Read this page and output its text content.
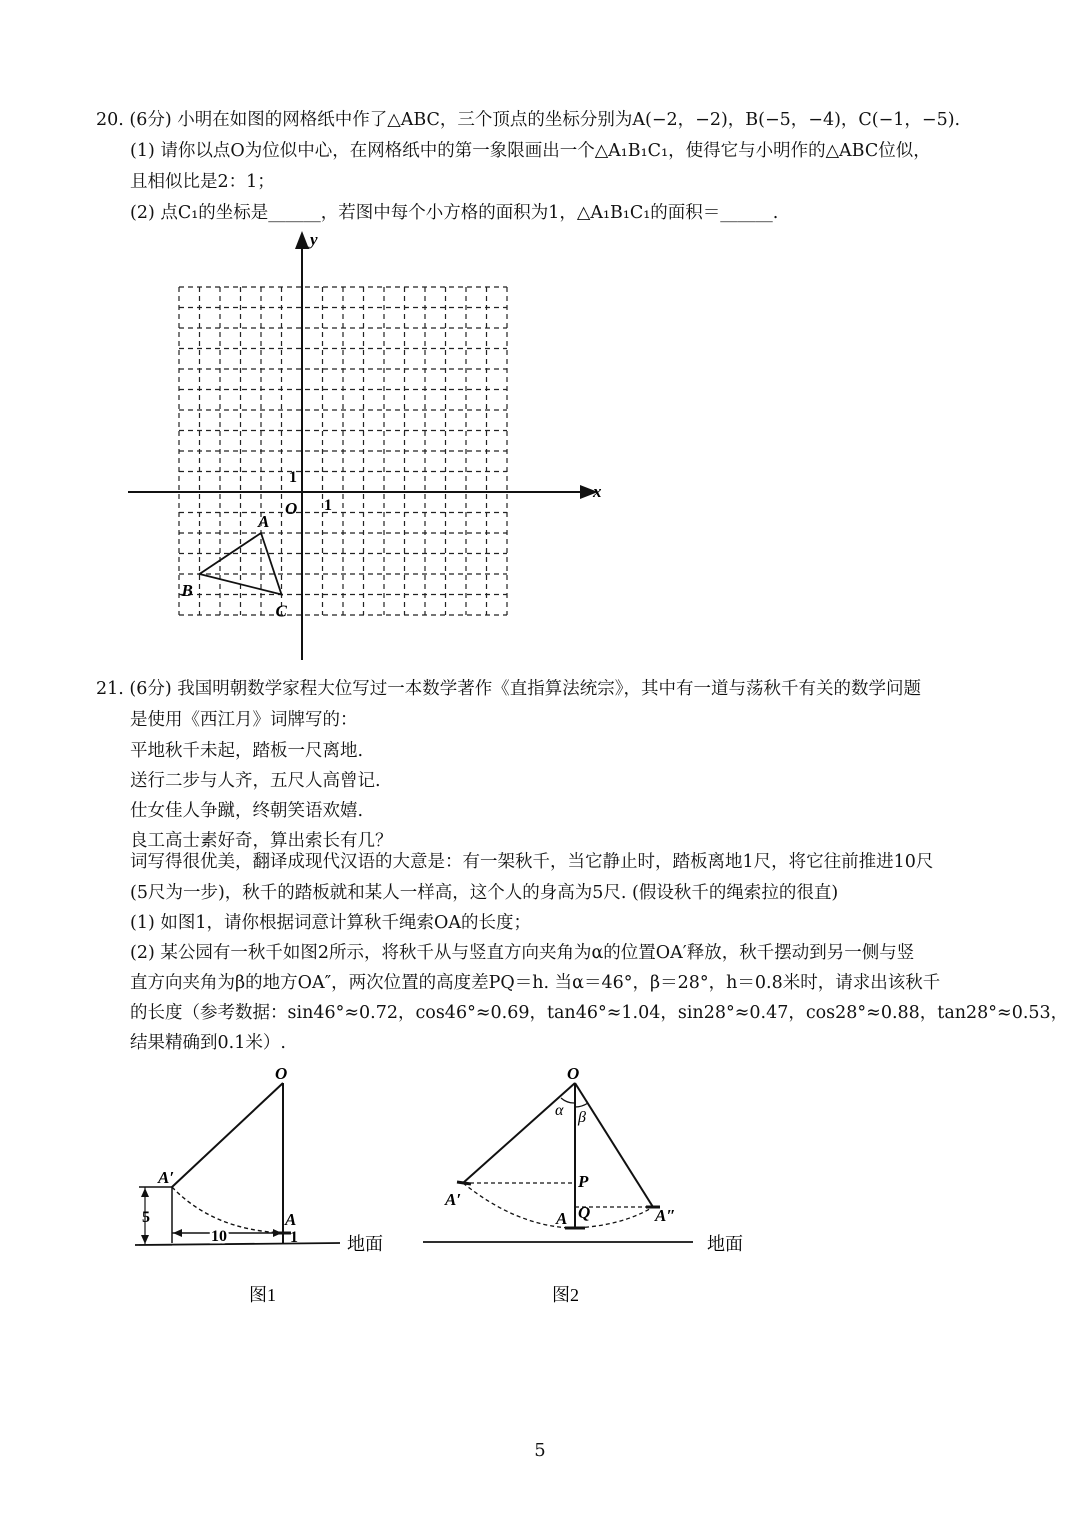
20. (6分) 小明在如图的网格纸中作了△ABC，三个顶点的坐标分别为A(−2，−2)，B(−5，−4)，C(−1，−5).
(1) 请你以点O为位似中心，在网格纸中的第一象限画出一个△A₁B₁C₁，使得它与小明作的△ABC位似，
且相似比是2：1；
(2) 点C₁的坐标是______，若图中每个小方格的面积为1，△A₁B₁C₁的面积＝______.
x
y
O 1
1
A
B
C
21. (6分) 我国明朝数学家程大位写过一本数学著作《直指算法统宗》，其中有一道与荡秋千有关的数学问题
是使用《西江月》词牌写的：
平地秋千未起，踏板一尺离地.
送行二步与人齐，五尺人高曾记.
仕女佳人争蹴，终朝笑语欢嬉.
良工高士素好奇，算出索长有几？
词写得很优美，翻译成现代汉语的大意是：有一架秋千，当它静止时，踏板离地1尺，将它往前推进10尺
(5尺为一步)，秋千的踏板就和某人一样高，这个人的身高为5尺. (假设秋千的绳索拉的很直)
(1) 如图1，请你根据词意计算秋千绳索OA的长度；
(2) 某公园有一秋千如图2所示，将秋千从与竖直方向夹角为α的位置OA′释放，秋千摆动到另一侧与竖
直方向夹角为β的地方OA″，两次位置的高度差PQ＝h. 当α＝46°，β＝28°，h＝0.8米时，请求出该秋千
的长度（参考数据：sin46°≈0.72，cos46°≈0.69，tan46°≈1.04，sin28°≈0.47，cos28°≈0.88，tan28°≈0.53，
结果精确到0.1米）.
O
A′
A
5
10	1	地面
图1
O
α β
P
A′
A Q	A″
地面
图2
5
